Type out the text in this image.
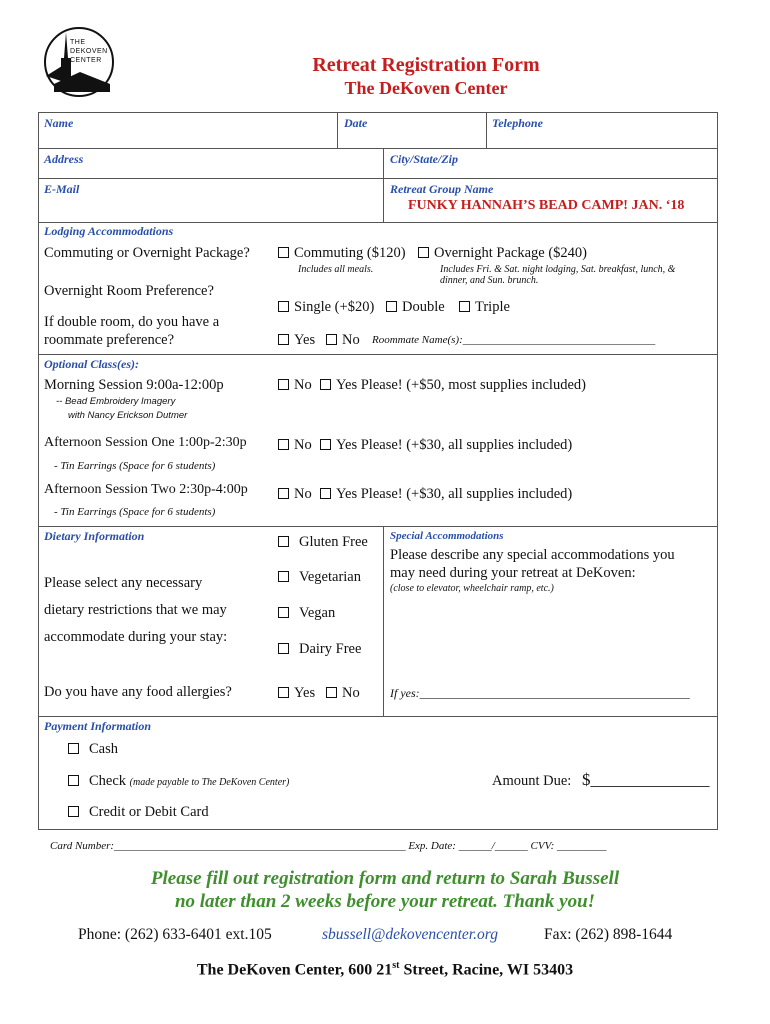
THE
DEKOVEN
CENTER	Retreat Registration Form
The DeKoven Center
Name	Date	Telephone
Address	City/State/Zip
E-Mail	Retreat Group Name
FUNKY HANNAH’S BEAD CAMP! JAN. ‘18
Lodging Accommodations
Commuting or Overnight Package?	Commuting ($120)	Overnight Package ($240)
Includes all meals.	Includes Fri. & Sat. night lodging, Sat. breakfast, lunch, & dinner, and Sun. brunch.
Overnight Room Preference?
Single (+$20)	Double	Triple
If double room, do you have a
roommate preference?	Yes	No Roommate Name(s):___________________________________
Optional Class(es):
Morning Session 9:00a-12:00p
-- Bead Embroidery Imagery
with Nancy Erickson Dutmer
No	Yes Please! (+$50, most supplies included)
Afternoon Session One 1:00p-2:30p
- Tin Earrings (Space for 6 students)
No	Yes Please! (+$30, all supplies included)
Afternoon Session Two 2:30p-4:00p
- Tin Earrings (Space for 6 students)
No	Yes Please! (+$30, all supplies included)
Dietary Information
Please select any necessary
dietary restrictions that we may
accommodate during your stay:
Gluten Free
Vegetarian
Vegan
Dairy Free
Do you have any food allergies?	Yes	No	If yes:_____________________________________________
Special Accommodations
Please describe any special accommodations you
may need during your retreat at DeKoven:
(close to elevator, wheelchair ramp, etc.)
Payment Information
Cash
Check (made payable to The DeKoven Center)	Amount Due: $______________
Credit or Debit Card
Card Number:_____________________________________________________ Exp. Date: ______/______ CVV: _________
Please fill out registration form and return to Sarah Bussell
no later than 2 weeks before your retreat. Thank you!
Phone: (262) 633-6401 ext.105	sbussell@dekovencenter.org	Fax: (262) 898-1644
The DeKoven Center, 600 21st Street, Racine, WI 53403
